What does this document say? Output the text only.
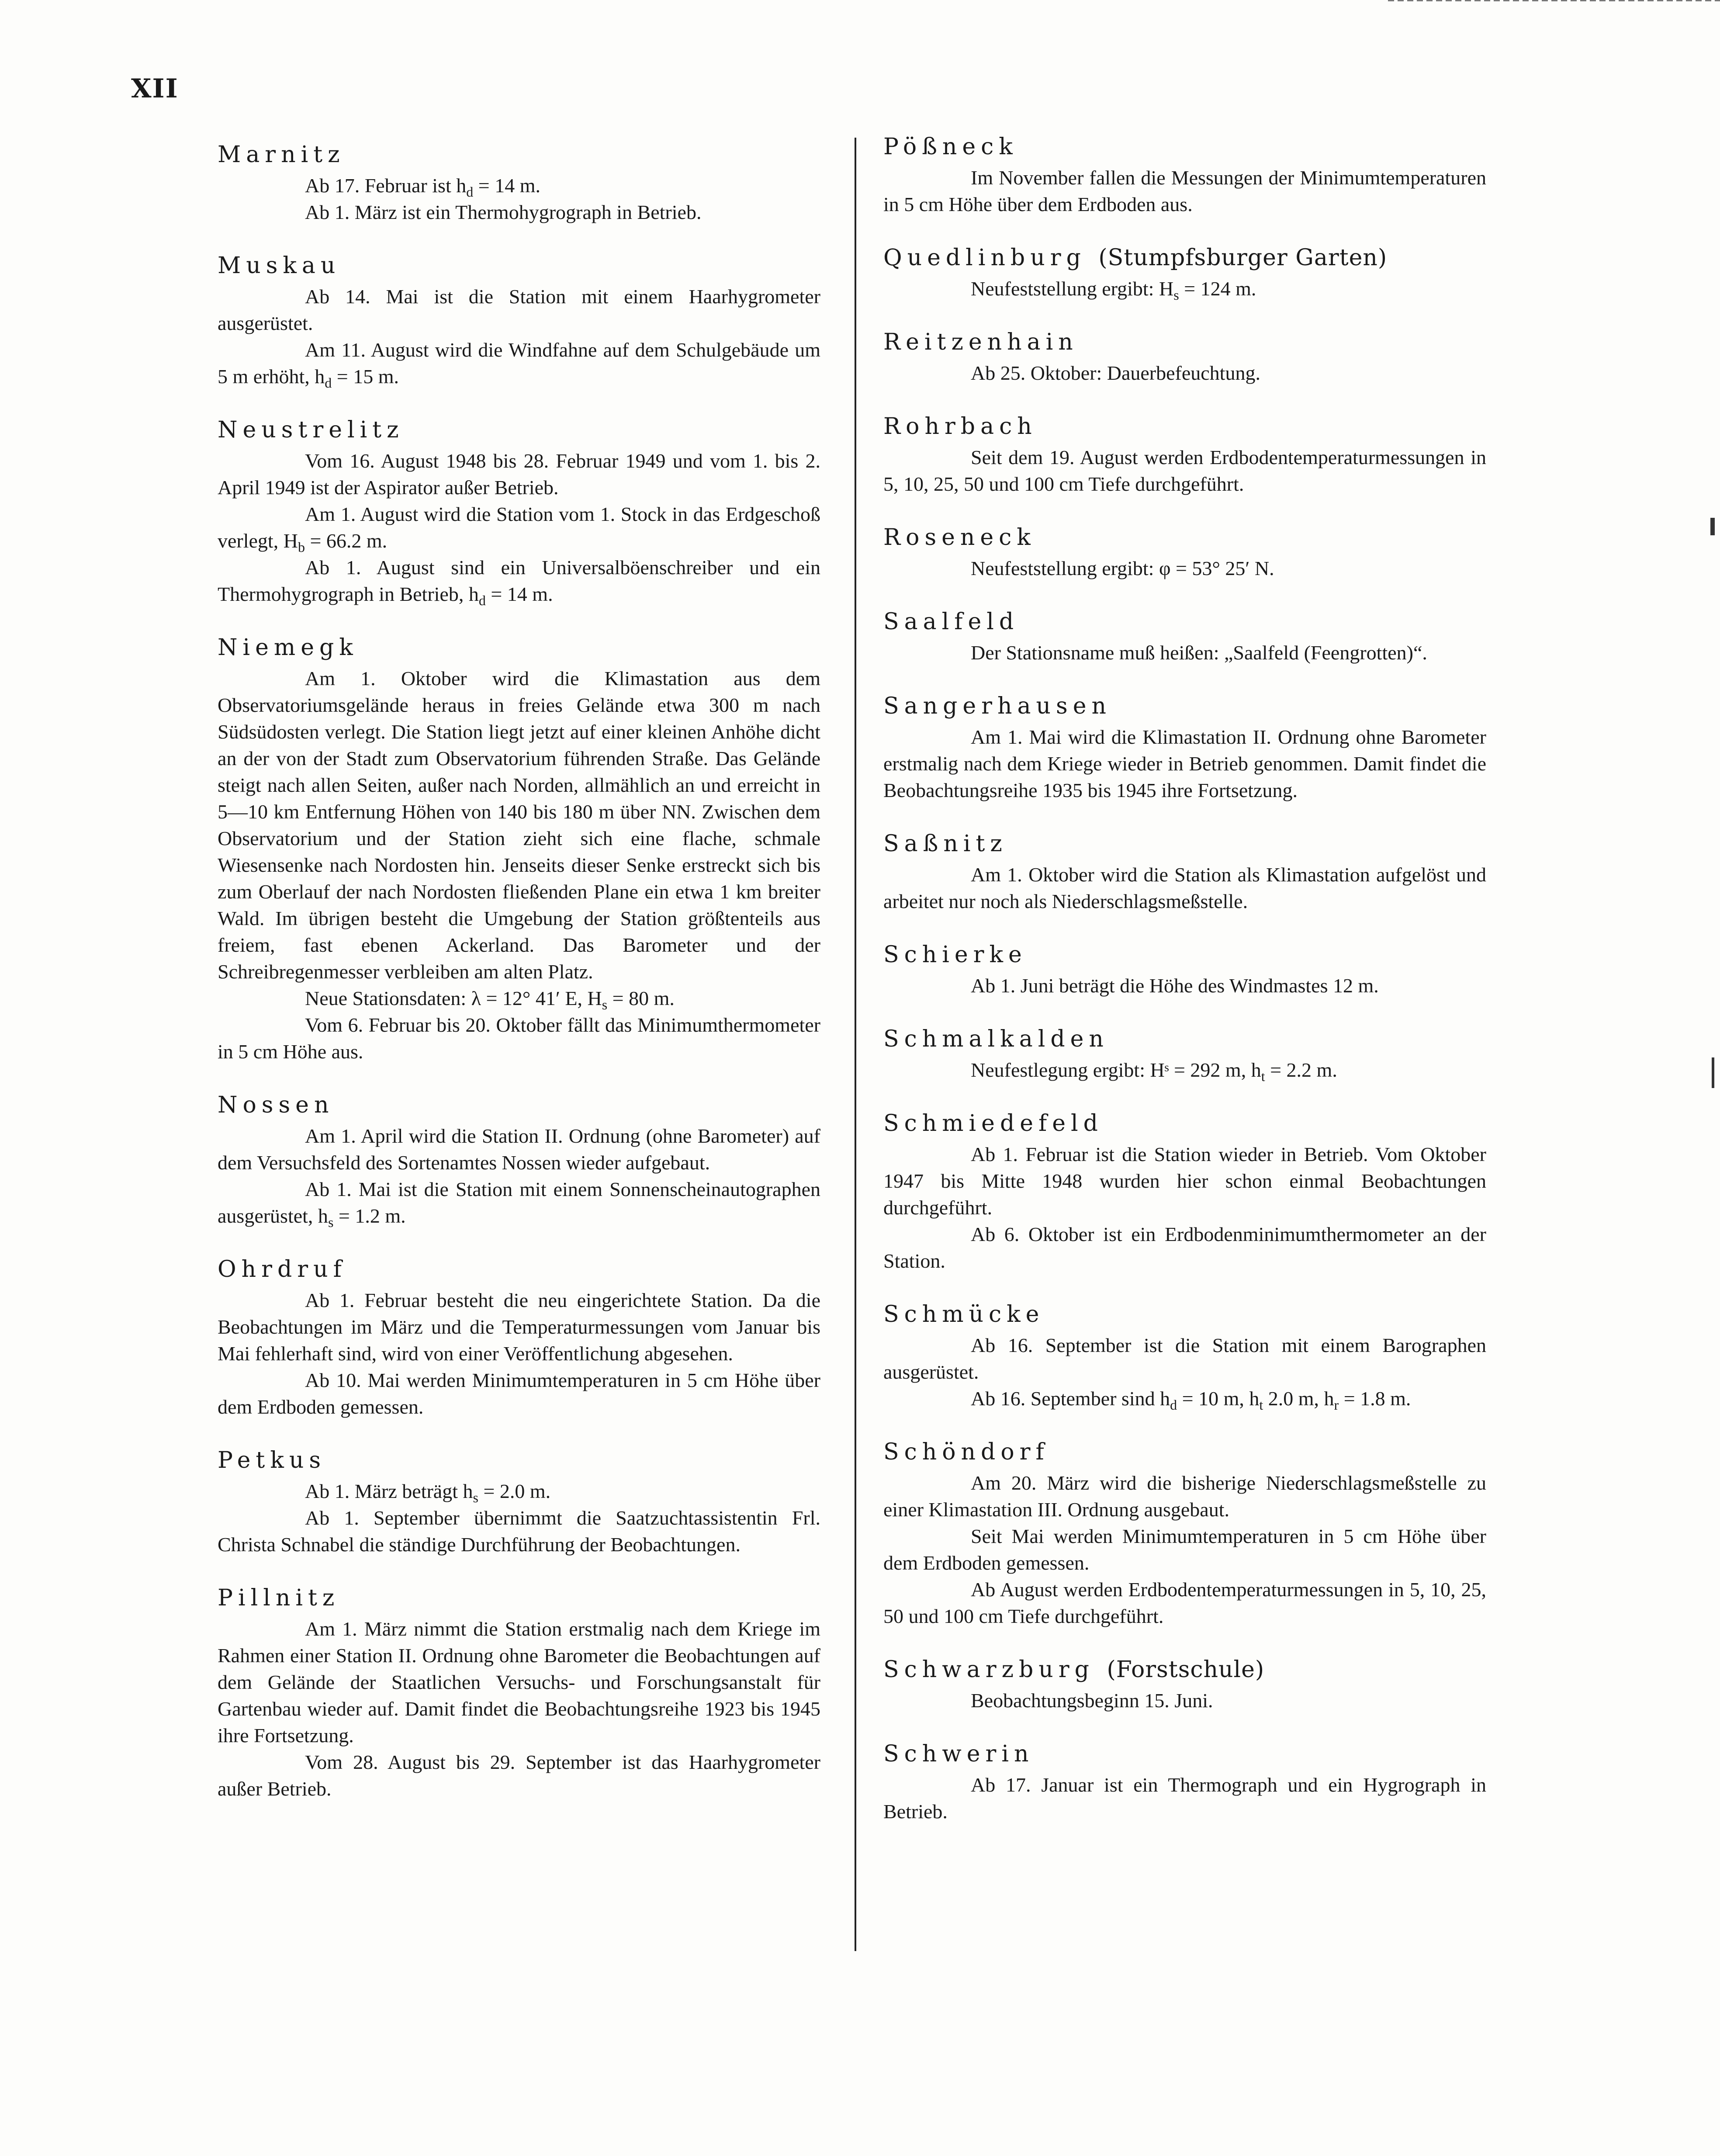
XII
Marnitz

Ab 17. Februar ist $h_d = 14$ m.

Ab 1. März ist ein Thermohygrograph in Betrieb.

Muskau

Ab 14. Mai ist die Station mit einem Haarhygrometer ausgerüstet.

Am 11. August wird die Windfahne auf dem Schulgebäude um 5 m erhöht, $h_d = 15$ m.

Neustrelitz

Vom 16. August 1948 bis 28. Februar 1949 und vom 1. bis 2. April 1949 ist der Aspirator außer Betrieb.

Am 1. August wird die Station vom 1. Stock in das Erdgeschoß verlegt, $H_b = 66.2$ m.

Ab 1. August sind ein Universalböenschreiber und ein Thermohygrograph in Betrieb, $h_d = 14$ m.

Niemegk

Am 1. Oktober wird die Klimastation aus dem Observatoriumsgelände heraus in freies Gelände etwa 300 m nach Südsüdosten verlegt. Die Station liegt jetzt auf einer kleinen Anhöhe dicht an der von der Stadt zum Observatorium führenden Straße. Das Gelände steigt nach allen Seiten, außer nach Norden, allmählich an und erreicht in 5—10 km Entfernung Höhen von 140 bis 180 m über NN. Zwischen dem Observatorium und der Station zieht sich eine flache, schmale Wiesensenke nach Nordosten hin. Jenseits dieser Senke erstreckt sich bis zum Oberlauf der nach Nordosten fließenden Plane ein etwa 1 km breiter Wald. Im übrigen besteht die Umgebung der Station größtenteils aus freiem, fast ebenen Ackerland. Das Barometer und der Schreibregenmesser verbleiben am alten Platz.

Neue Stationsdaten: λ = 12° 41′ E, $H_s = 80$ m.

Vom 6. Februar bis 20. Oktober fällt das Minimumthermometer in 5 cm Höhe aus.

Nossen

Am 1. April wird die Station II. Ordnung (ohne Barometer) auf dem Versuchsfeld des Sortenamtes Nossen wieder aufgebaut.

Ab 1. Mai ist die Station mit einem Sonnenscheinautographen ausgerüstet, $h_s = 1.2$ m.

Ohrdruf

Ab 1. Februar besteht die neu eingerichtete Station. Da die Beobachtungen im März und die Temperaturmessungen vom Januar bis Mai fehlerhaft sind, wird von einer Veröffentlichung abgesehen.

Ab 10. Mai werden Minimumtemperaturen in 5 cm Höhe über dem Erdboden gemessen.

Petkus

Ab 1. März beträgt $h_s = 2.0$ m.

Ab 1. September übernimmt die Saatzuchtassistentin Frl. Christa Schnabel die ständige Durchführung der Beobachtungen.

Pillnitz

Am 1. März nimmt die Station erstmalig nach dem Kriege im Rahmen einer Station II. Ordnung ohne Barometer die Beobachtungen auf dem Gelände der Staatlichen Versuchs- und Forschungsanstalt für Gartenbau wieder auf. Damit findet die Beobachtungsreihe 1923 bis 1945 ihre Fortsetzung.

Vom 28. August bis 29. September ist das Haarhygrometer außer Betrieb.

Pößneck

Im November fallen die Messungen der Minimumtemperaturen in 5 cm Höhe über dem Erdboden aus.

Quedlinburg (Stumpfsburger Garten)

Neufeststellung ergibt: $H_s = 124$ m.

Reitzenhain

Ab 25. Oktober: Dauerbefeuchtung.

Rohrbach

Seit dem 19. August werden Erdbodentemperaturmessungen in 5, 10, 25, 50 und 100 cm Tiefe durchgeführt.

Roseneck

Neufeststellung ergibt: φ = 53° 25′ N.

Saalfeld

Der Stationsname muß heißen: „Saalfeld (Feengrotten)“.

Sangerhausen

Am 1. Mai wird die Klimastation II. Ordnung ohne Barometer erstmalig nach dem Kriege wieder in Betrieb genommen. Damit findet die Beobachtungsreihe 1935 bis 1945 ihre Fortsetzung.

Saßnitz

Am 1. Oktober wird die Station als Klimastation aufgelöst und arbeitet nur noch als Niederschlagsmeßstelle.

Schierke

Ab 1. Juni beträgt die Höhe des Windmastes 12 m.

Schmalkalden

Neufestlegung ergibt: Hˢ = 292 m, $h_t = 2.2$ m.

Schmiedefeld

Ab 1. Februar ist die Station wieder in Betrieb. Vom Oktober 1947 bis Mitte 1948 wurden hier schon einmal Beobachtungen durchgeführt.

Ab 6. Oktober ist ein Erdbodenminimumthermometer an der Station.

Schmücke

Ab 16. September ist die Station mit einem Barographen ausgerüstet.

Ab 16. September sind $h_d = 10$ m, $h_t$ 2.0 m, $h_r = 1.8$ m.

Schöndorf

Am 20. März wird die bisherige Niederschlagsmeßstelle zu einer Klimastation III. Ordnung ausgebaut.

Seit Mai werden Minimumtemperaturen in 5 cm Höhe über dem Erdboden gemessen.

Ab August werden Erdbodentemperaturmessungen in 5, 10, 25, 50 und 100 cm Tiefe durchgeführt.

Schwarzburg (Forstschule)

Beobachtungsbeginn 15. Juni.

Schwerin

Ab 17. Januar ist ein Thermograph und ein Hygrograph in Betrieb.
